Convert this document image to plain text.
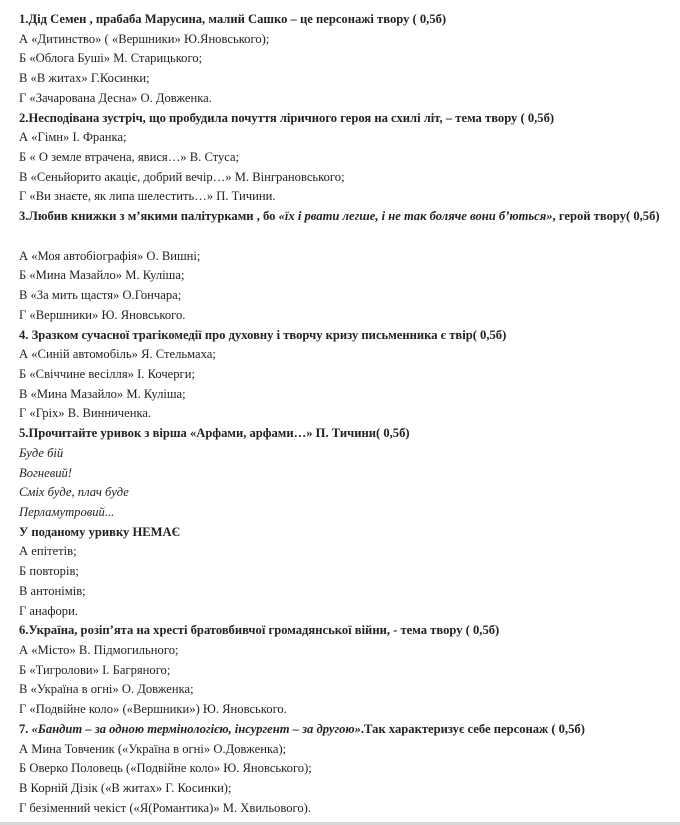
1.Дід Семен , прабаба Марусина, малий Сашко – це персонажі твору ( 0,5б)
А «Дитинство» ( «Вершники» Ю.Яновського);
Б «Облога Буші» М. Старицького;
В «В житах» Г.Косинки;
Г «Зачарована Десна» О. Довженка.
2.Несподівана зустріч, що пробудила почуття ліричного героя на схилі літ, – тема твору ( 0,5б)
А «Гімн» І. Франка;
Б « О земле втрачена, явися…» В. Стуса;
В «Сеньйорито акаціє, добрий вечір…» М. Вінграновського;
Г «Ви знаєте, як липа шелестить…» П. Тичини.
3.Любив книжки з м’якими палітурками , бо «їх і рвати легше, і не так боляче вони б’ються», герой твору( 0,5б)
А «Моя автобіографія» О. Вишні;
Б «Мина Мазайло» М. Куліша;
В «За мить щастя» О.Гончара;
Г «Вершники» Ю. Яновського.
4. Зразком сучасної трагікомедії про духовну і творчу кризу письменника є твір( 0,5б)
А «Синій автомобіль» Я. Стельмаха;
Б «Свіччине весілля» І. Кочерги;
В «Мина Мазайло» М. Куліша;
Г «Гріх» В. Винниченка.
5.Прочитайте уривок з вірша «Арфами, арфами…» П. Тичини( 0,5б)
Буде бій
Вогневий!
Сміх буде, плач буде
Перламутровий...
У поданому уривку НЕМАЄ
А епітетів;
Б повторів;
В антонімів;
Г анафори.
6.Україна, розіп’ята на хресті братовбивчої громадянської війни, - тема твору ( 0,5б)
А «Місто» В. Підмогильного;
Б «Тигролови» І. Багряного;
В «Україна в огні» О. Довженка;
Г «Подвійне коло» («Вершники») Ю. Яновського.
7. «Бандит – за одною термінологією, інсургент – за другою».Так характеризує себе персонаж ( 0,5б)
А Мина Товченик («Україна в огні» О.Довженка);
Б Оверко Половець («Подвійне коло» Ю. Яновського);
В Корній Дізік («В житах» Г. Косинки);
Г безіменний чекіст («Я(Романтика)» М. Хвильового).
